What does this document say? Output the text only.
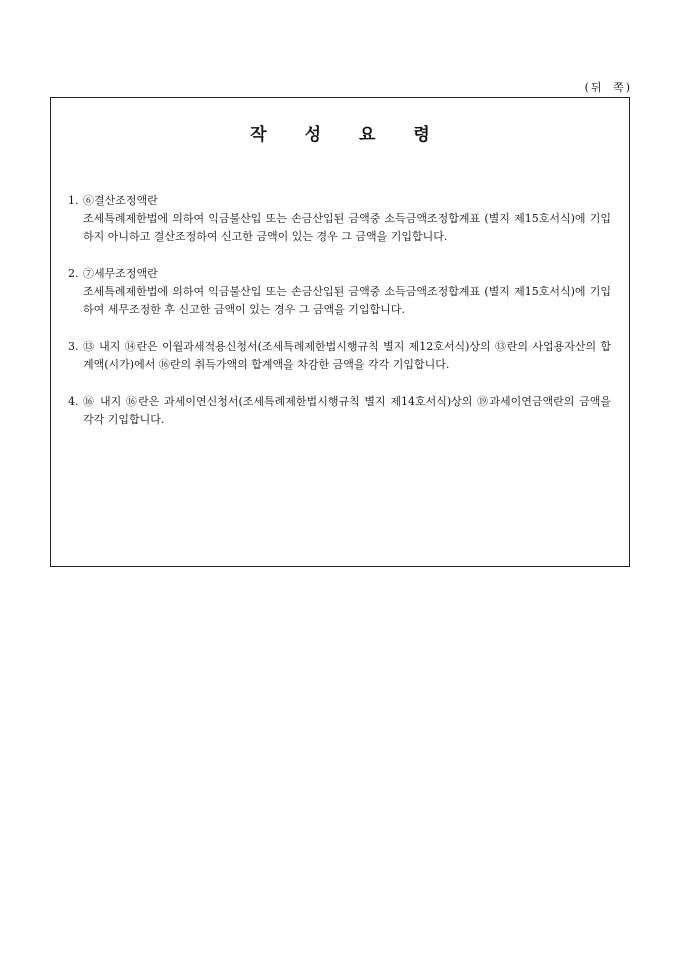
(뒤 쪽)
작성요령
1. ⑥결산조정액란
조세특례제한법에 의하여 익금불산입 또는 손금산입된 금액중 소득금액조정합계표 (별지 제15호서식)에 기입하지 아니하고 결산조정하여 신고한 금액이 있는 경우 그 금액을 기입합니다.
2. ⑦세무조정액란
조세특례제한법에 의하여 익금불산입 또는 손금산입된 금액중 소득금액조정합계표 (별지 제15호서식)에 기입하여 세무조정한 후 신고한 금액이 있는 경우 그 금액을 기입합니다.
3. ⑬ 내지 ⑭란은 이월과세적용신청서(조세특례제한법시행규칙 별지 제12호서식)상의 ⑬란의 사업용자산의 합계액(시가)에서 ⑯란의 취득가액의 합계액을 차감한 금액을 각각 기입합니다.
4. ⑯ 내지 ⑯란은 과세이연신청서(조세특례제한법시행규칙 별지 제14호서식)상의 ⑲과세이연금액란의 금액을 각각 기입합니다.
